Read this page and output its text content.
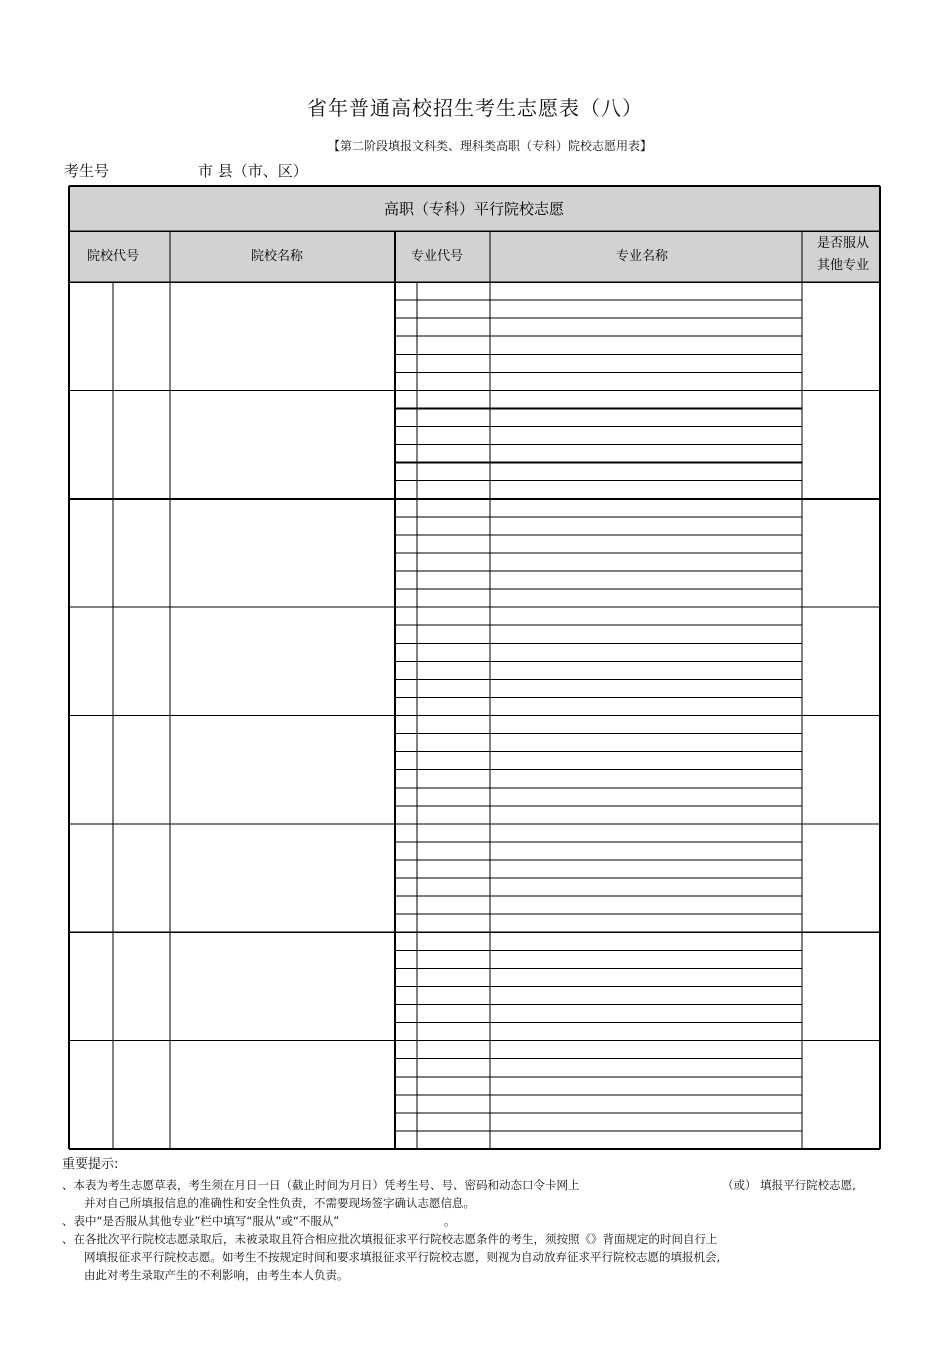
省年普通高校招生考生志愿表（八）
【第二阶段填报文科类、理科类高职（专科）院校志愿用表】
考生号	市 县（市、区）
高职（专科）平行院校志愿
院校代号	院校名称	专业代号	专业名称
是否服从
其他专业
重要提示:
、本表为考生志愿草表，考生须在月日一日（截止时间为月日）凭考生号、号、密码和动态口令卡网上	（或） 填报平行院校志愿,
并对自己所填报信息的准确性和安全性负责，不需要现场签字确认志愿信息。
、表中“是否服从其他专业”栏中填写“服从”或“不服从”	。
、在各批次平行院校志愿录取后，未被录取且符合相应批次填报征求平行院校志愿条件的考生，须按照《》背面规定的时间自行上
网填报征求平行院校志愿。如考生不按规定时间和要求填报征求平行院校志愿，则视为自动放弃征求平行院校志愿的填报机会,
由此对考生录取产生的不利影响，由考生本人负责。
